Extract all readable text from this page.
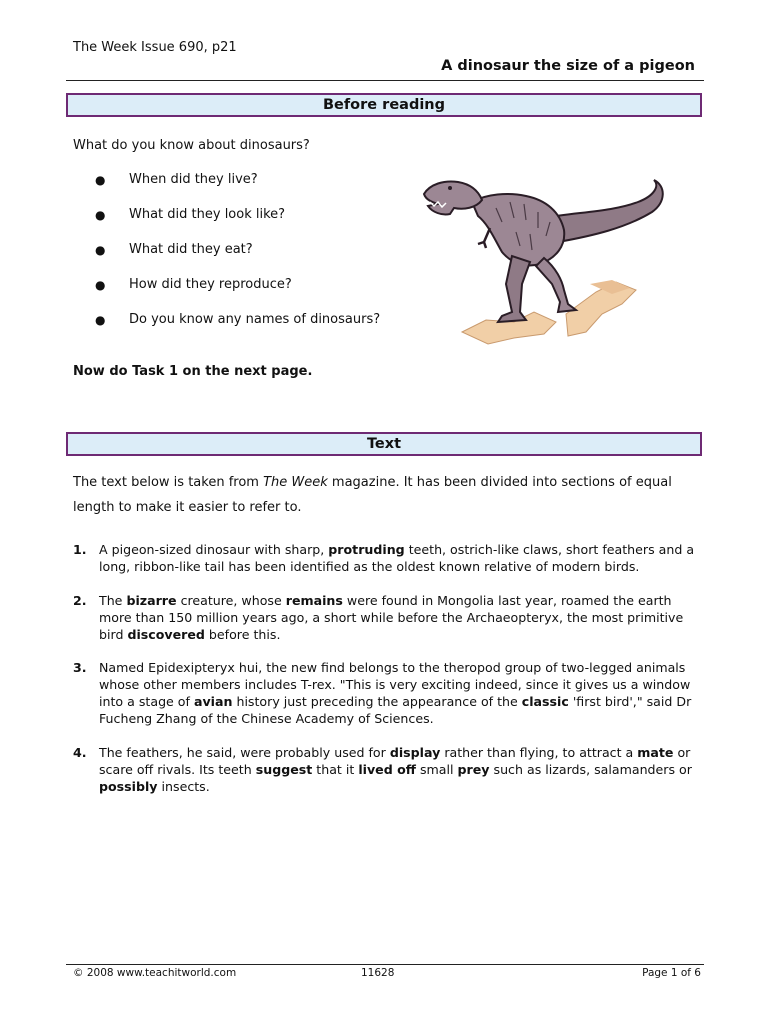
The Week Issue 690, p21
A dinosaur the size of a pigeon
Before reading
What do you know about dinosaurs?
● When did they live?
● What did they look like?
● What did they eat?
● How did they reproduce?
● Do you know any names of dinosaurs?
Now do Task 1 on the next page.
Text
The text below is taken from The Week magazine. It has been divided into sections of equal length to make it easier to refer to.
1. A pigeon-sized dinosaur with sharp, protruding teeth, ostrich-like claws, short feathers and a long, ribbon-like tail has been identified as the oldest known relative of modern birds.
2. The bizarre creature, whose remains were found in Mongolia last year, roamed the earth more than 150 million years ago, a short while before the Archaeopteryx, the most primitive bird discovered before this.
3. Named Epidexipteryx hui, the new find belongs to the theropod group of two-legged animals whose other members includes T-rex. "This is very exciting indeed, since it gives us a window into a stage of avian history just preceding the appearance of the classic 'first bird'," said Dr Fucheng Zhang of the Chinese Academy of Sciences.
4. The feathers, he said, were probably used for display rather than flying, to attract a mate or scare off rivals. Its teeth suggest that it lived off small prey such as lizards, salamanders or possibly insects.
© 2008 www.teachitworld.com	11628	Page 1 of 6
